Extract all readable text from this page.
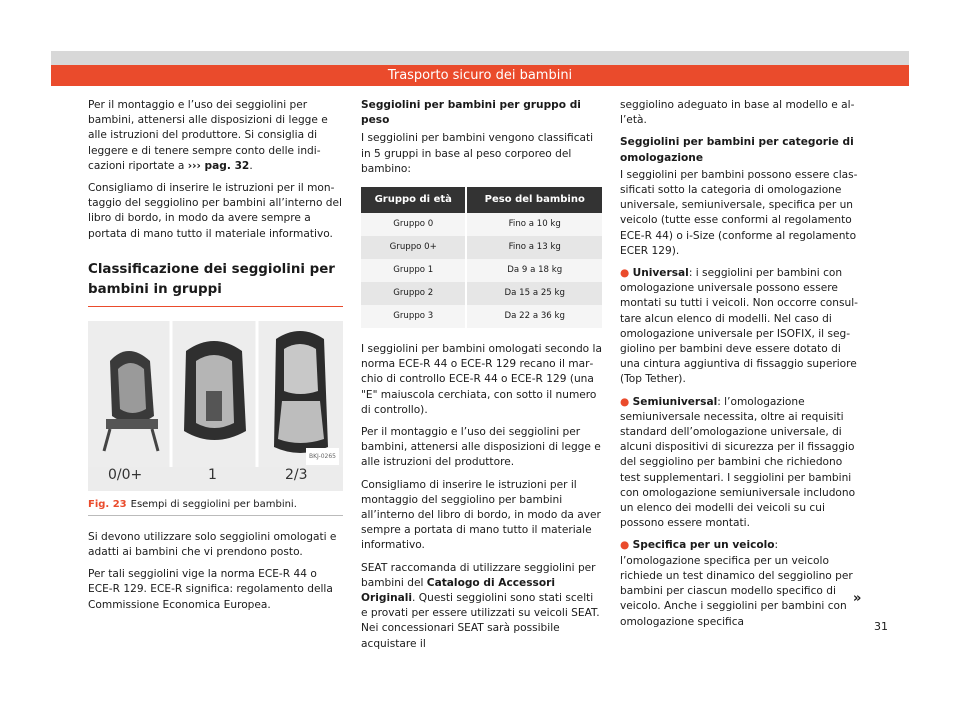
Trasporto sicuro dei bambini

Per il montaggio e l’uso dei seggiolini per bambini, attenersi alle disposizioni di legge e alle istruzioni del produttore. Si consiglia di leggere e di tenere sempre conto delle indicazioni riportate a ››› pag. 32.

Consigliamo di inserire le istruzioni per il montaggio del seggiolino per bambini all’interno del libro di bordo, in modo da avere sempre a portata di mano tutto il materiale informativo.

Classificazione dei seggiolini per bambini in gruppi
0/0+	1	2/3
BKJ-0265
Fig. 23 Esempi di seggiolini per bambini.

Si devono utilizzare solo seggiolini omologati e adatti ai bambini che vi prendono posto.

Per tali seggiolini vige la norma ECE-R 44 o ECE-R 129. ECE-R significa: regolamento della Commissione Economica Europea.

Seggiolini per bambini per gruppo di peso

I seggiolini per bambini vengono classificati in 5 gruppi in base al peso corporeo del bambino:

Gruppo di età	Peso del bambino
Gruppo 0	Fino a 10 kg
Gruppo 0+	Fino a 13 kg
Gruppo 1	Da 9 a 18 kg
Gruppo 2	Da 15 a 25 kg
Gruppo 3	Da 22 a 36 kg

I seggiolini per bambini omologati secondo la norma ECE-R 44 o ECE-R 129 recano il marchio di controllo ECE-R 44 o ECE-R 129 (una "E" maiuscola cerchiata, con sotto il numero di controllo).

Per il montaggio e l’uso dei seggiolini per bambini, attenersi alle disposizioni di legge e alle istruzioni del produttore.

Consigliamo di inserire le istruzioni per il montaggio del seggiolino per bambini all’interno del libro di bordo, in modo da aver sempre a portata di mano tutto il materiale informativo.

SEAT raccomanda di utilizzare seggiolini per bambini del Catalogo di Accessori Originali. Questi seggiolini sono stati scelti e provati per essere utilizzati su veicoli SEAT. Nei concessionari SEAT sarà possibile acquistare il

seggiolino adeguato in base al modello e all’età.

Seggiolini per bambini per categorie di omologazione

I seggiolini per bambini possono essere classificati sotto la categoria di omologazione universale, semiuniversale, specifica per un veicolo (tutte esse conformi al regolamento ECE-R 44) o i-Size (conforme al regolamento ECER 129).

● Universal: i seggiolini per bambini con omologazione universale possono essere montati su tutti i veicoli. Non occorre consultare alcun elenco di modelli. Nel caso di omologazione universale per ISOFIX, il seggiolino per bambini deve essere dotato di una cintura aggiuntiva di fissaggio superiore (Top Tether).

● Semiuniversal: l’omologazione semiuniversale necessita, oltre ai requisiti standard dell’omologazione universale, di alcuni dispositivi di sicurezza per il fissaggio del seggiolino per bambini che richiedono test supplementari. I seggiolini per bambini con omologazione semiuniversale includono un elenco dei modelli dei veicoli su cui possono essere montati.

● Specifica per un veicolo: l’omologazione specifica per un veicolo richiede un test dinamico del seggiolino per bambini per ciascun modello specifico di veicolo. Anche i seggiolini per bambini con omologazione specifica

»
31
